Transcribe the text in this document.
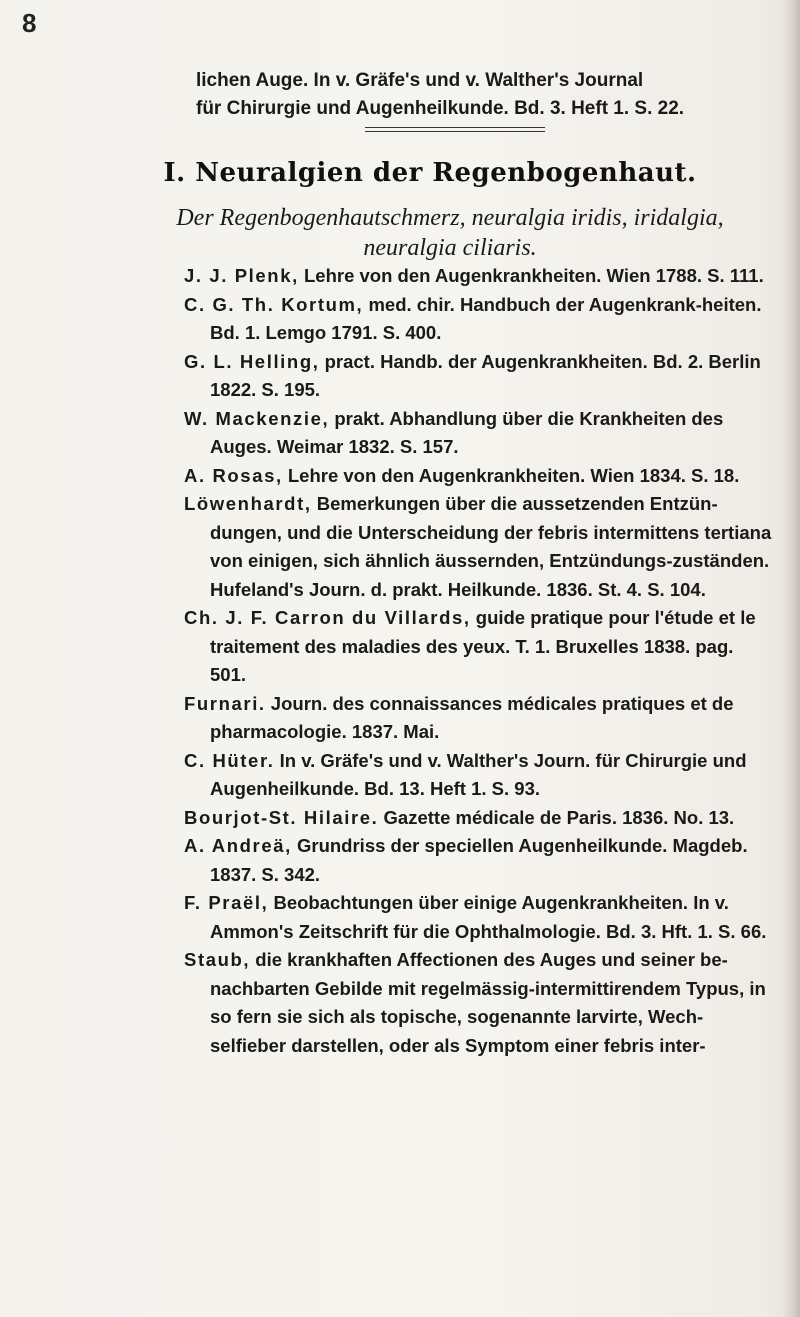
8
lichen Auge. In v. Gräfe's und v. Walther's Journal
für Chirurgie und Augenheilkunde. Bd. 3. Heft 1. S. 22.
I. Neuralgien der Regenbogenhaut.
Der Regenbogenhautschmerz, neuralgia iridis, iridalgia,
neuralgia ciliaris.

J. J. Plenk, Lehre von den Augenkrankheiten. Wien 1788. S. 111.

C. G. Th. Kortum, med. chir. Handbuch der Augenkrank-heiten. Bd. 1. Lemgo 1791. S. 400.

G. L. Helling, pract. Handb. der Augenkrankheiten. Bd. 2. Berlin 1822. S. 195.

W. Mackenzie, prakt. Abhandlung über die Krankheiten des Auges. Weimar 1832. S. 157.

A. Rosas, Lehre von den Augenkrankheiten. Wien 1834. S. 18.

Löwenhardt, Bemerkungen über die aussetzenden Entzün-dungen, und die Unterscheidung der febris intermittens tertiana von einigen, sich ähnlich äussernden, Entzündungs-zuständen. Hufeland's Journ. d. prakt. Heilkunde. 1836. St. 4. S. 104.

Ch. J. F. Carron du Villards, guide pratique pour l'étude et le traitement des maladies des yeux. T. 1. Bruxelles 1838. pag. 501.

Furnari. Journ. des connaissances médicales pratiques et de pharmacologie. 1837. Mai.

C. Hüter. In v. Gräfe's und v. Walther's Journ. für Chirurgie und Augenheilkunde. Bd. 13. Heft 1. S. 93.

Bourjot-St. Hilaire. Gazette médicale de Paris. 1836. No. 13.

A. Andreä, Grundriss der speciellen Augenheilkunde. Magdeb. 1837. S. 342.

F. Praël, Beobachtungen über einige Augenkrankheiten. In v. Ammon's Zeitschrift für die Ophthalmologie. Bd. 3. Hft. 1. S. 66.

Staub, die krankhaften Affectionen des Auges und seiner be-nachbarten Gebilde mit regelmässig-intermittirendem Typus, in so fern sie sich als topische, sogenannte larvirte, Wech-selfieber darstellen, oder als Symptom einer febris inter-
